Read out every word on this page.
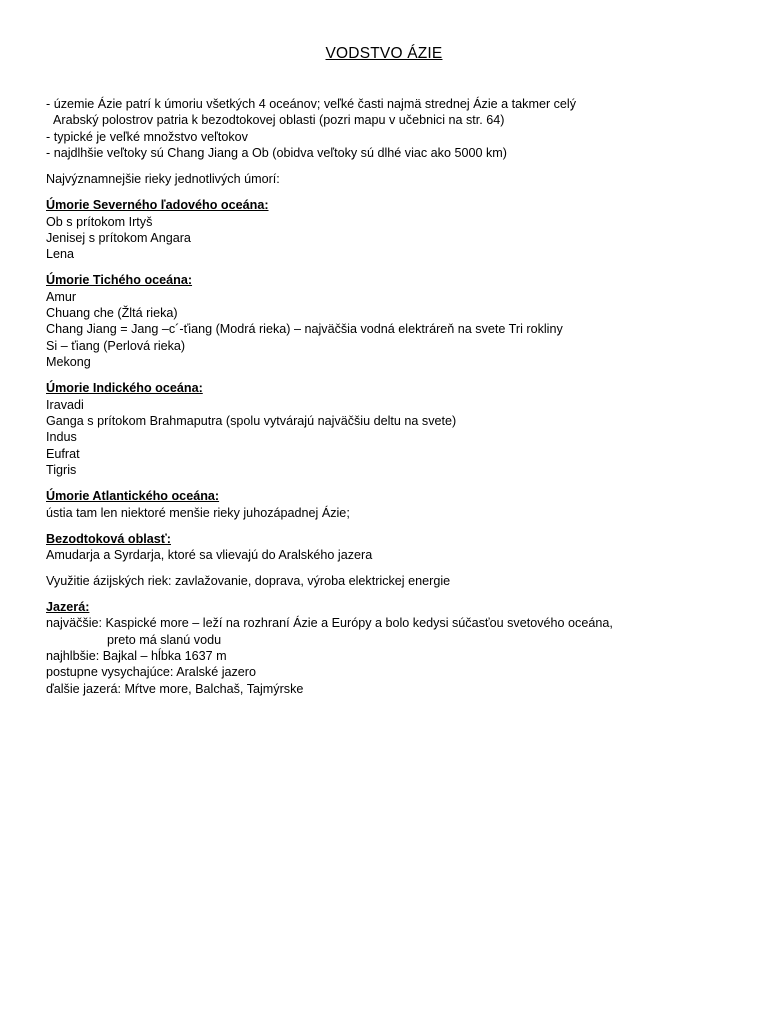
VODSTVO ÁZIE
- územie Ázie patrí k úmoriu všetkých 4 oceánov; veľké časti najmä strednej Ázie a takmer celý
Arabský polostrov patria k bezodtokovej oblasti (pozri mapu v učebnici na str. 64)
- typické je veľké množstvo veľtokov
- najdlhšie veľtoky sú Chang Jiang a Ob (obidva veľtoky sú dlhé viac ako 5000 km)
Najvýznamnejšie rieky jednotlivých úmorí:
Úmorie Severného ľadového oceána:
Ob s prítokom Irtyš
Jenisej s prítokom Angara
Lena
Úmorie Tichého oceána:
Amur
Chuang che (Žltá rieka)
Chang Jiang = Jang –c´-ťiang (Modrá rieka) – najväčšia vodná elektráreň na svete Tri rokliny
Si – ťiang (Perlová rieka)
Mekong
Úmorie Indického oceána:
Iravadi
Ganga s prítokom Brahmaputra (spolu vytvárajú najväčšiu deltu na svete)
Indus
Eufrat
Tigris
Úmorie Atlantického oceána:
ústia tam len niektoré menšie rieky juhozápadnej Ázie;
Bezodtoková oblasť:
Amudarja a Syrdarja, ktoré sa vlievajú do Aralského jazera
Využitie ázijských riek: zavlažovanie, doprava, výroba elektrickej energie
Jazerá:
najväčšie: Kaspické more – leží na rozhraní Ázie a Európy a bolo kedysi súčasťou svetového oceána,
preto má slanú vodu
najhlbšie: Bajkal – hĺbka 1637 m
postupne vysychajúce: Aralské jazero
ďalšie jazerá: Mŕtve more, Balchaš, Tajmýrske
